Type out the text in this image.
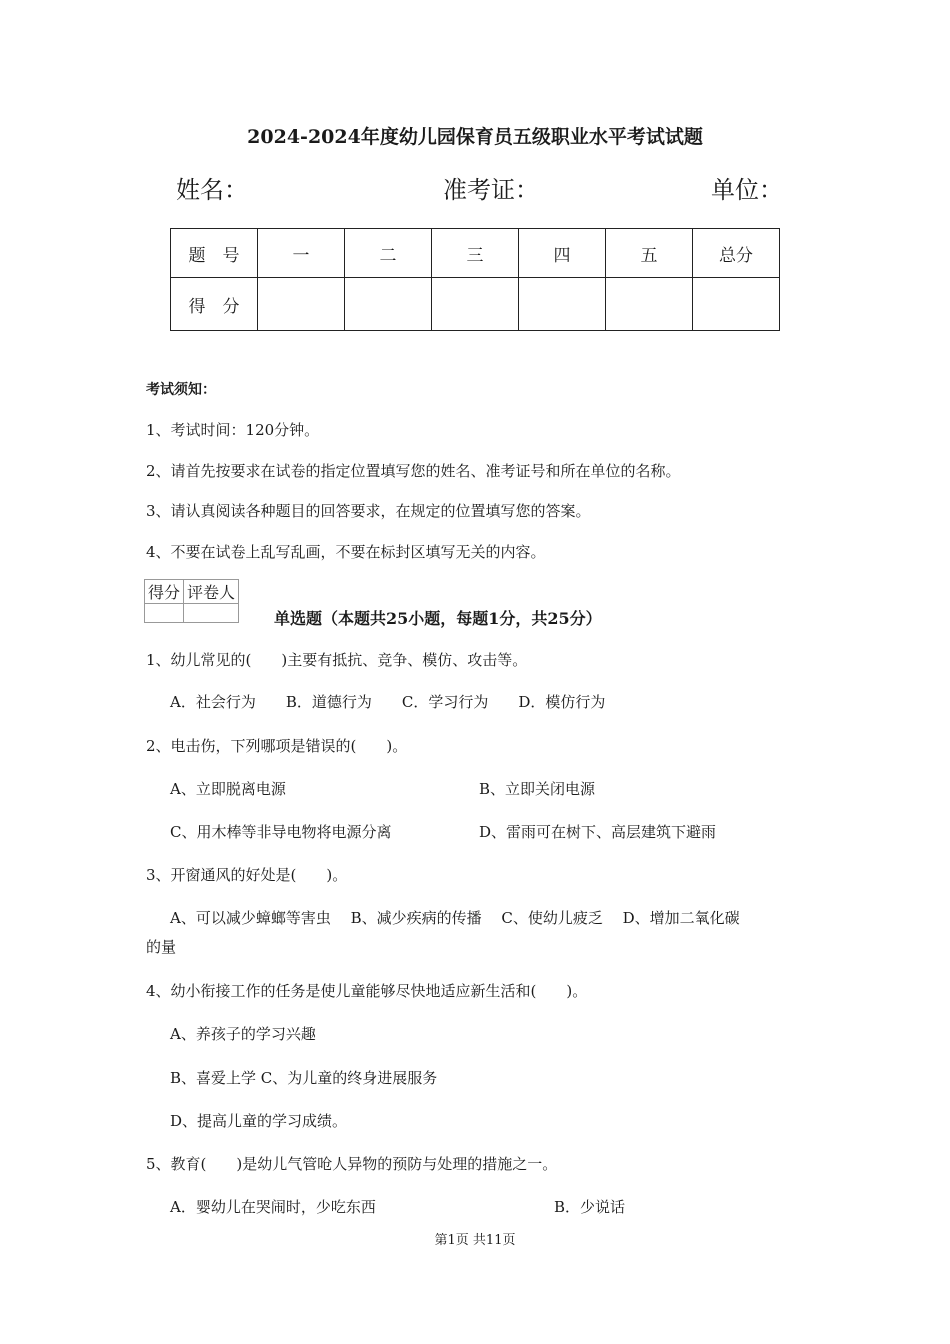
2024-2024年度幼儿园保育员五级职业水平考试试题
姓名：	准考证：	单位：
题　号	一	二	三	四	五	总分
得　分						
考试须知：
1、考试时间：120分钟。
2、请首先按要求在试卷的指定位置填写您的姓名、准考证号和所在单位的名称。
3、请认真阅读各种题目的回答要求，在规定的位置填写您的答案。
4、不要在试卷上乱写乱画，不要在标封区填写无关的内容。
得分	评卷人

单选题（本题共25小题，每题1分，共25分）
1、幼儿常见的(　　)主要有抵抗、竞争、模仿、攻击等。
A．社会行为　　B．道德行为　　C．学习行为　　D．模仿行为
2、电击伤，下列哪项是错误的(　　)。
A、立即脱离电源	B、立即关闭电源
C、用木棒等非导电物将电源分离	D、雷雨可在树下、高层建筑下避雨
3、开窗通风的好处是(　　)。
A、可以减少蟑螂等害虫　 B、减少疾病的传播　 C、使幼儿疲乏　 D、增加二氧化碳
的量
4、幼小衔接工作的任务是使儿童能够尽快地适应新生活和(　　)。
A、养孩子的学习兴趣
B、喜爱上学 C、为儿童的终身进展服务
D、提高儿童的学习成绩。
5、教育(　　)是幼儿气管呛人异物的预防与处理的措施之一。
A．婴幼儿在哭闹时，少吃东西	B．少说话
第1页 共11页
